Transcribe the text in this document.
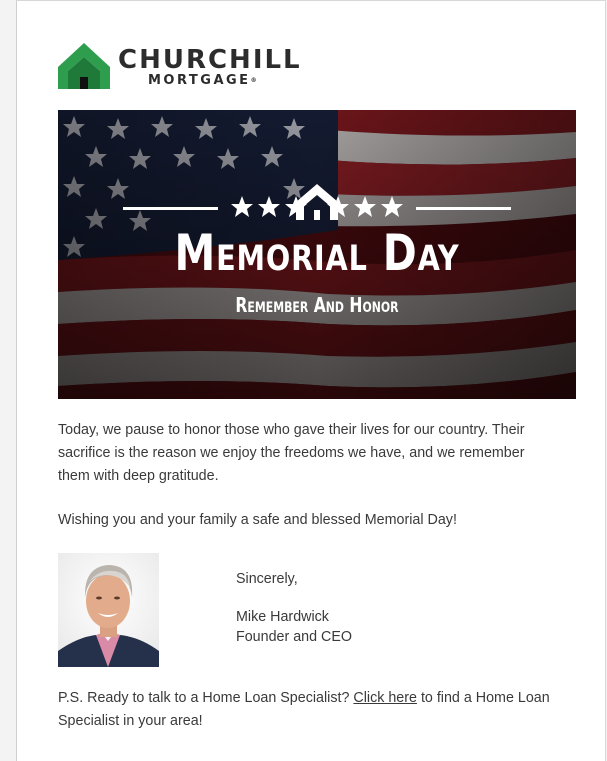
CHURCHILL
MORTGAGE®
Memorial Day
Remember And Honor
Today, we pause to honor those who gave their lives for our country. Their sacrifice is the reason we enjoy the freedoms we have, and we remember them with deep gratitude.
Wishing you and your family a safe and blessed Memorial Day!
Sincerely,
Mike Hardwick
Founder and CEO
P.S. Ready to talk to a Home Loan Specialist? Click here to find a Home Loan Specialist in your area!
